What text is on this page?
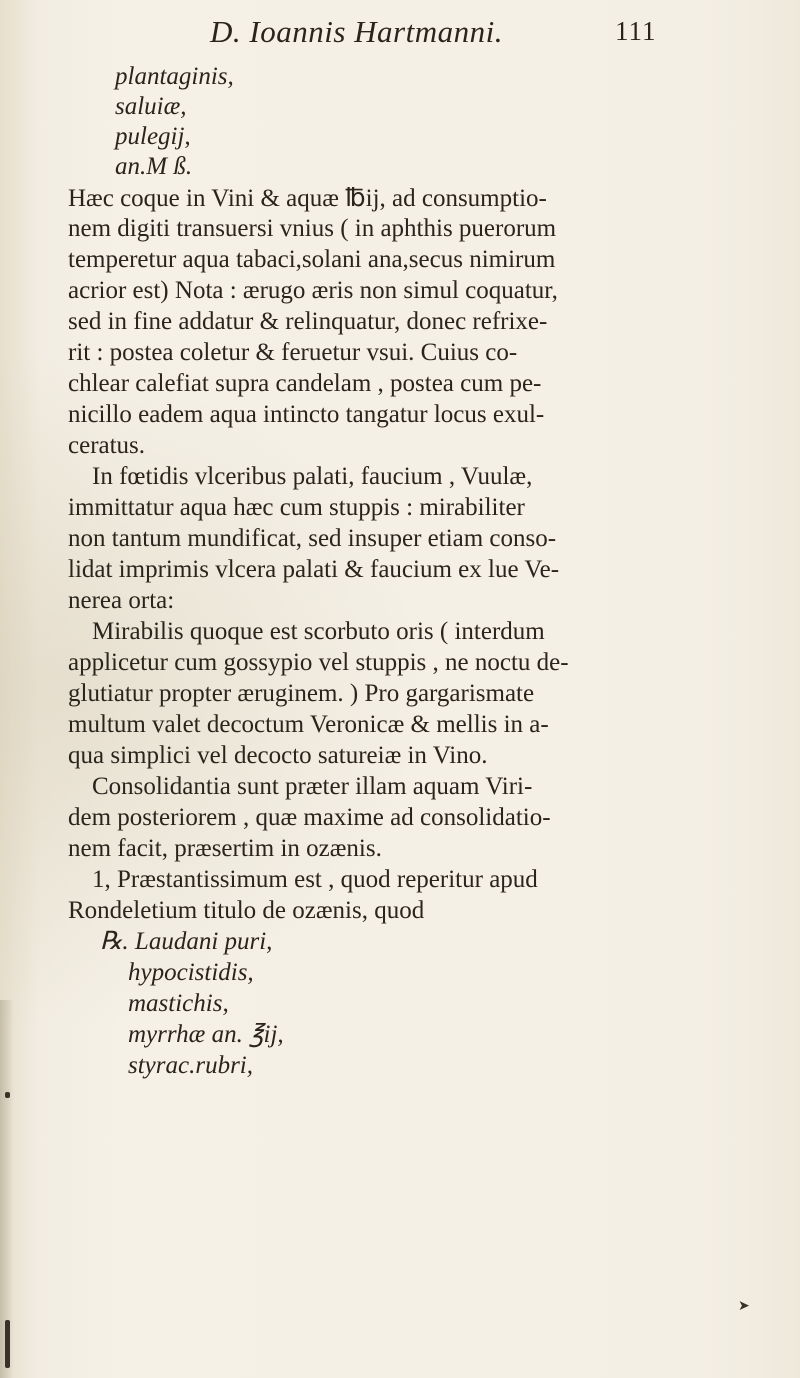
D. Ioannis Hartmanni.	111
plantaginis,
saluiæ,
pulegij,
an.M ß.
Hæc coque in Vini & aquæ ℔ij, ad consumptio-
nem digiti transuersi vnius ( in aphthis puerorum
temperetur aqua tabaci,solani ana,secus nimirum
acrior est) Nota : ærugo æris non simul coquatur,
sed in fine addatur & relinquatur, donec refrixe-
rit : postea coletur & feruetur vsui. Cuius co-
chlear calefiat supra candelam , postea cum pe-
nicillo eadem aqua intincto tangatur locus exul-
ceratus.
In fœtidis vlceribus palati, faucium , Vuulæ,
immittatur aqua hæc cum stuppis : mirabiliter
non tantum mundificat, sed insuper etiam conso-
lidat imprimis vlcera palati & faucium ex lue Ve-
nerea orta:
Mirabilis quoque est scorbuto oris ( interdum
applicetur cum gossypio vel stuppis , ne noctu de-
glutiatur propter æruginem. ) Pro gargarismate
multum valet decoctum Veronicæ & mellis in a-
qua simplici vel decocto satureiæ in Vino.
Consolidantia sunt præter illam aquam Viri-
dem posteriorem , quæ maxime ad consolidatio-
nem facit, præsertim in ozænis.
1, Præstantissimum est , quod reperitur apud
Rondeletium titulo de ozænis, quod
℞. Laudani puri,
hypocistidis,
mastichis,
myrrhæ an. ℥ij,
styrac.rubri,
➤
